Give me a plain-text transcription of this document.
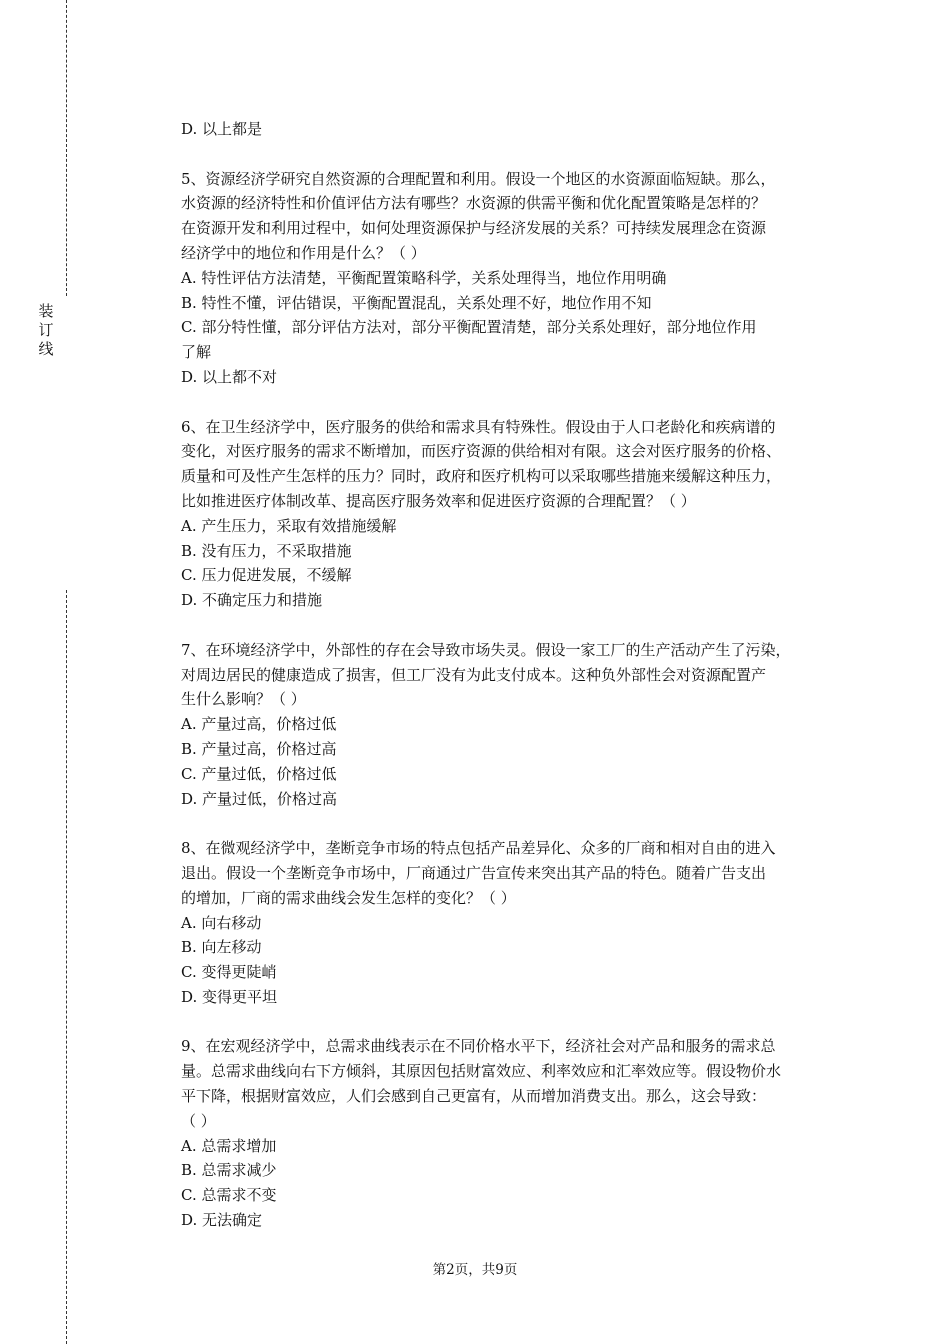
装
订
线
D. 以上都是
5、资源经济学研究自然资源的合理配置和利用。假设一个地区的水资源面临短缺。那么，
水资源的经济特性和价值评估方法有哪些？水资源的供需平衡和优化配置策略是怎样的？
在资源开发和利用过程中，如何处理资源保护与经济发展的关系？可持续发展理念在资源
经济学中的地位和作用是什么？（ ）
A. 特性评估方法清楚，平衡配置策略科学，关系处理得当，地位作用明确
B. 特性不懂，评估错误，平衡配置混乱，关系处理不好，地位作用不知
C. 部分特性懂，部分评估方法对，部分平衡配置清楚，部分关系处理好，部分地位作用
了解
D. 以上都不对
6、在卫生经济学中，医疗服务的供给和需求具有特殊性。假设由于人口老龄化和疾病谱的
变化，对医疗服务的需求不断增加，而医疗资源的供给相对有限。这会对医疗服务的价格、
质量和可及性产生怎样的压力？同时，政府和医疗机构可以采取哪些措施来缓解这种压力，
比如推进医疗体制改革、提高医疗服务效率和促进医疗资源的合理配置？（ ）
A. 产生压力，采取有效措施缓解
B. 没有压力，不采取措施
C. 压力促进发展，不缓解
D. 不确定压力和措施
7、在环境经济学中，外部性的存在会导致市场失灵。假设一家工厂的生产活动产生了污染，
对周边居民的健康造成了损害，但工厂没有为此支付成本。这种负外部性会对资源配置产
生什么影响？（ ）
A. 产量过高，价格过低
B. 产量过高，价格过高
C. 产量过低，价格过低
D. 产量过低，价格过高
8、在微观经济学中，垄断竞争市场的特点包括产品差异化、众多的厂商和相对自由的进入
退出。假设一个垄断竞争市场中，厂商通过广告宣传来突出其产品的特色。随着广告支出
的增加，厂商的需求曲线会发生怎样的变化？（ ）
A. 向右移动
B. 向左移动
C. 变得更陡峭
D. 变得更平坦
9、在宏观经济学中，总需求曲线表示在不同价格水平下，经济社会对产品和服务的需求总
量。总需求曲线向右下方倾斜，其原因包括财富效应、利率效应和汇率效应等。假设物价水
平下降，根据财富效应，人们会感到自己更富有，从而增加消费支出。那么，这会导致：
（ ）
A. 总需求增加
B. 总需求减少
C. 总需求不变
D. 无法确定
第2页，共9页
